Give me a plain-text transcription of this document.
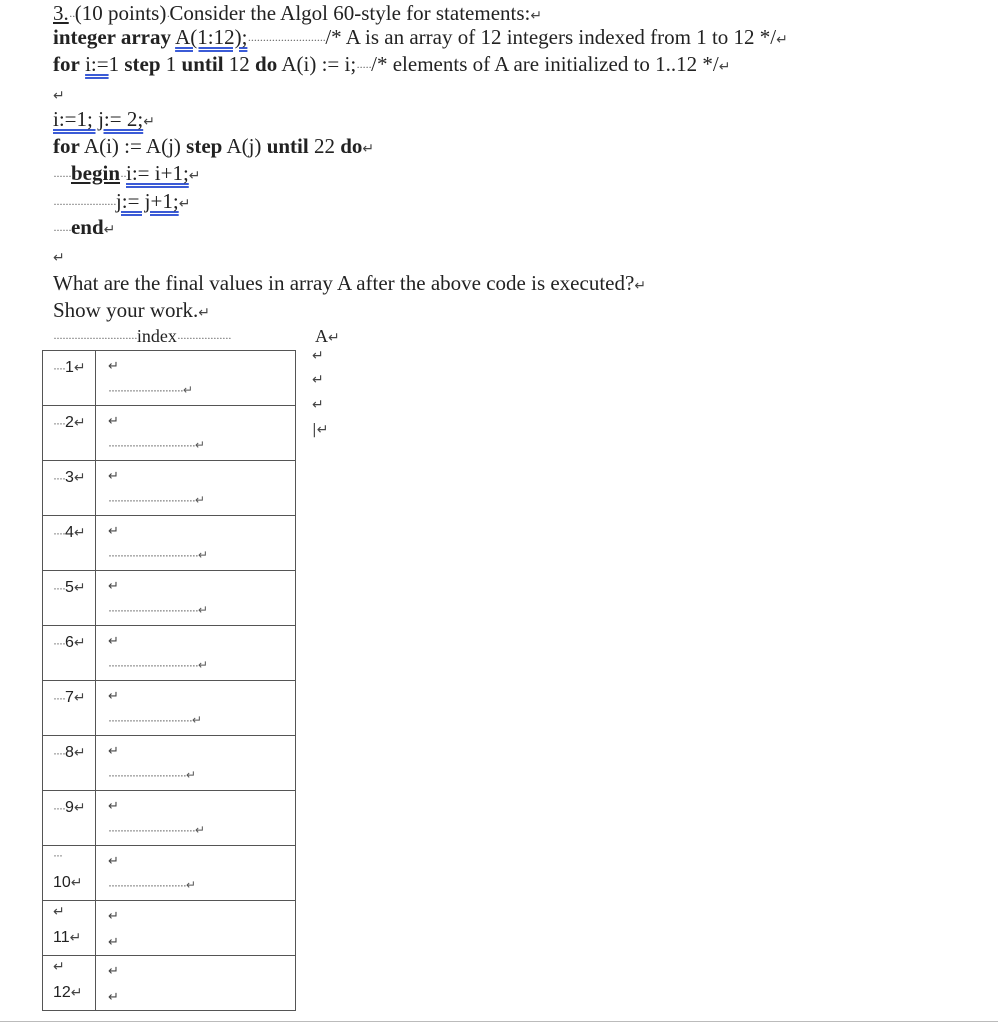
3.··(10 points)·Consider the Algol 60-style for statements:↵
integer array A(1:12);··························/* A is an array of 12 integers indexed from 1 to 12 */↵
for i:=1 step 1 until 12 do A(i) := i;·····/* elements of A are initialized to 1..12 */↵
↵
i:=1; j:= 2;↵
for A(i) := A(j) step A(j) until 22 do↵
······begin··i:= i+1;↵
·····················j:= j+1;↵
······end↵
↵
What are the final values in array A after the above code is executed?↵
Show your work.↵
····························index··················	A↵
↵
↵
↵
|↵
····1↵	↵
·························↵

····2↵	↵
·····························↵

····3↵	↵
·····························↵

····4↵	↵
······························↵

····5↵	↵
······························↵

····6↵	↵
······························↵

····7↵	↵
····························↵

····8↵	↵
··························↵

····9↵	↵
·····························↵

···
10↵	↵
··························↵

↵
11↵	↵
↵

↵
12↵	↵
↵
